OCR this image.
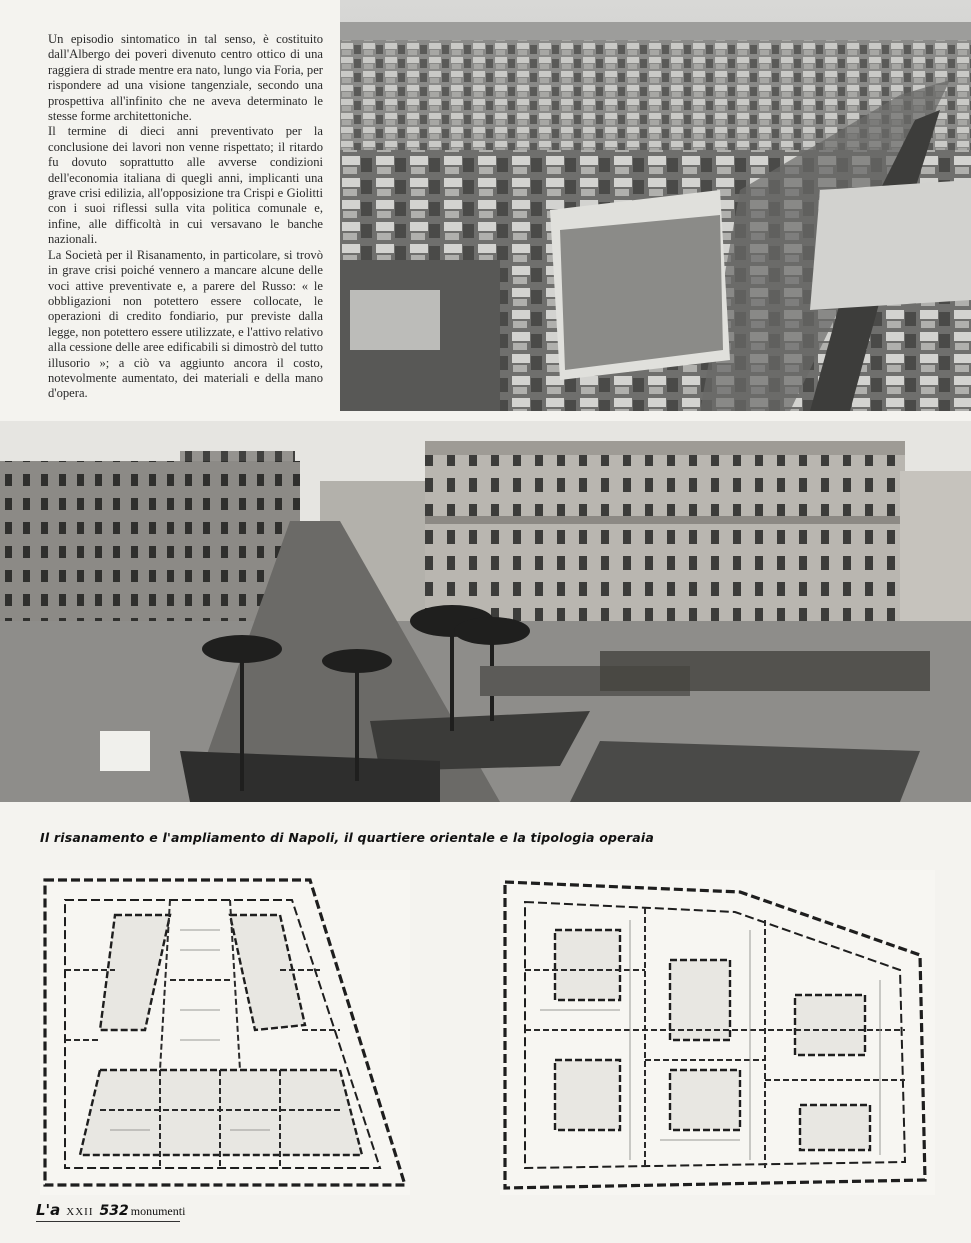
Un episodio sintomatico in tal senso, è costituito dall'Albergo dei poveri divenuto centro ottico di una raggiera di strade mentre era nato, lungo via Foria, per rispondere ad una visione tangenziale, secondo una prospettiva all'infinito che ne aveva determinato le stesse forme architettoniche.

Il termine di dieci anni preventivato per la conclusione dei lavori non venne rispettato; il ritardo fu dovuto soprattutto alle avverse condizioni dell'economia italiana di quegli anni, implicanti una grave crisi edilizia, all'opposizione tra Crispi e Giolitti con i suoi riflessi sulla vita politica comunale e, infine, alle difficoltà in cui versavano le banche nazionali.

La Società per il Risanamento, in particolare, si trovò in grave crisi poiché vennero a mancare alcune delle voci attive preventivate e, a parere del Russo: « le obbligazioni non potettero essere collocate, le operazioni di credito fondiario, pur previste dalla legge, non potettero essere utilizzate, e l'attivo relativo alla cessione delle aree edificabili si dimostrò del tutto illusorio »; a ciò va aggiunto ancora il costo, notevolmente aumentato, dei materiali e della mano d'opera.

Il risanamento e l'ampliamento di Napoli, il quartiere orientale e la tipologia operaia
L'a XXII 532 monumenti
